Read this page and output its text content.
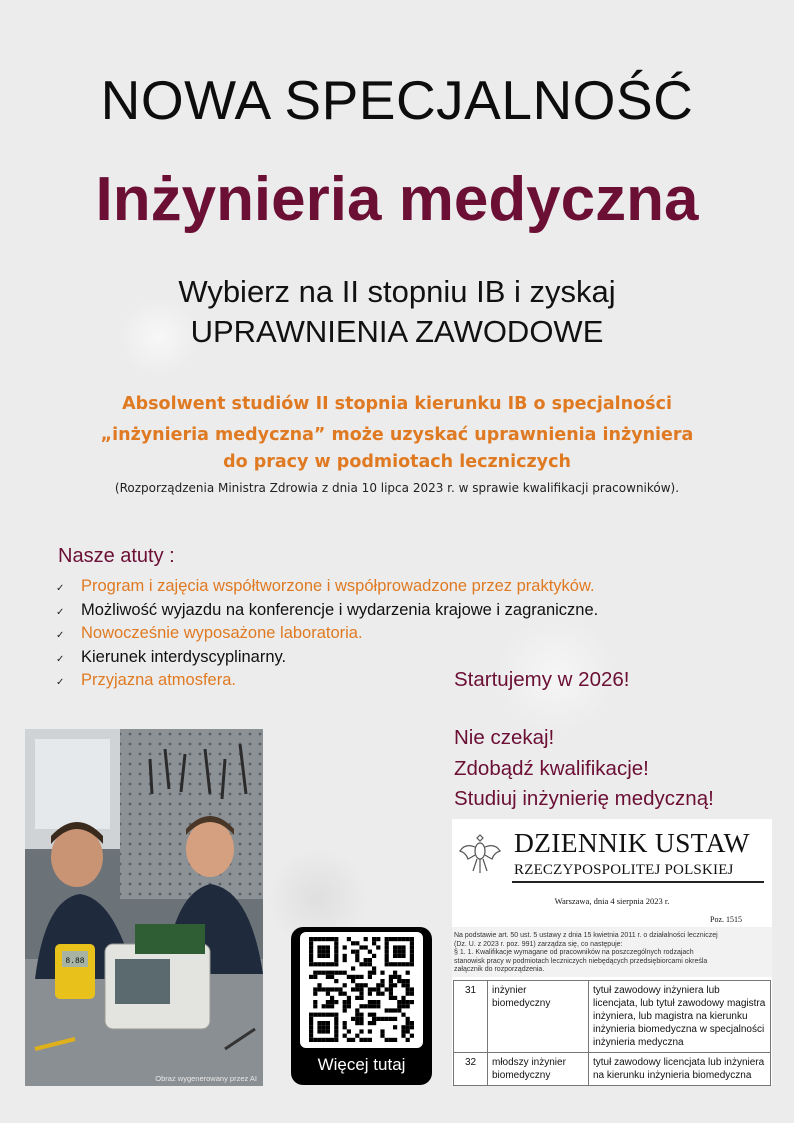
NOWA SPECJALNOŚĆ
Inżynieria medyczna
Wybierz na II stopniu IB i zyskaj
UPRAWNIENIA ZAWODOWE
Absolwent studiów II stopnia kierunku IB o specjalności
„inżynieria medyczna” może uzyskać uprawnienia inżyniera
do pracy w podmiotach leczniczych
(Rozporządzenia Ministra Zdrowia z dnia 10 lipca 2023 r. w sprawie kwalifikacji pracowników).
Nasze atuty :
✓ Program i zajęcia współtworzone i współprowadzone przez praktyków.
✓ Możliwość wyjazdu na konferencje i wydarzenia krajowe i zagraniczne.
✓ Nowocześnie wyposażone laboratoria.
✓ Kierunek interdyscyplinarny.
✓ Przyjazna atmosfera.	Startujemy w 2026!
Nie czekaj!
Zdobądź kwalifikacje!
Studiuj inżynierię medyczną!
8.88
Obraz wygenerowany przez AI
Więcej tutaj
DZIENNIK USTAW
RZECZYPOSPOLITEJ POLSKIEJ
Warszawa, dnia 4 sierpnia 2023 r.
Poz. 1515
Na podstawie art. 50 ust. 5 ustawy z dnia 15 kwietnia 2011 r. o działalności leczniczej
(Dz. U. z 2023 r. poz. 991) zarządza się, co następuje:
§ 1. 1. Kwalifikacje wymagane od pracowników na poszczególnych rodzajach
stanowisk pracy w podmiotach leczniczych niebędących przedsiębiorcami określa
załącznik do rozporządzenia.
31	inżynier biomedyczny	tytuł zawodowy inżyniera lub licencjata, lub tytuł zawodowy magistra inżyniera, lub magistra na kierunku inżynieria biomedyczna w specjalności inżynieria medyczna
32	młodszy inżynier biomedyczny	tytuł zawodowy licencjata lub inżyniera na kierunku inżynieria biomedyczna
